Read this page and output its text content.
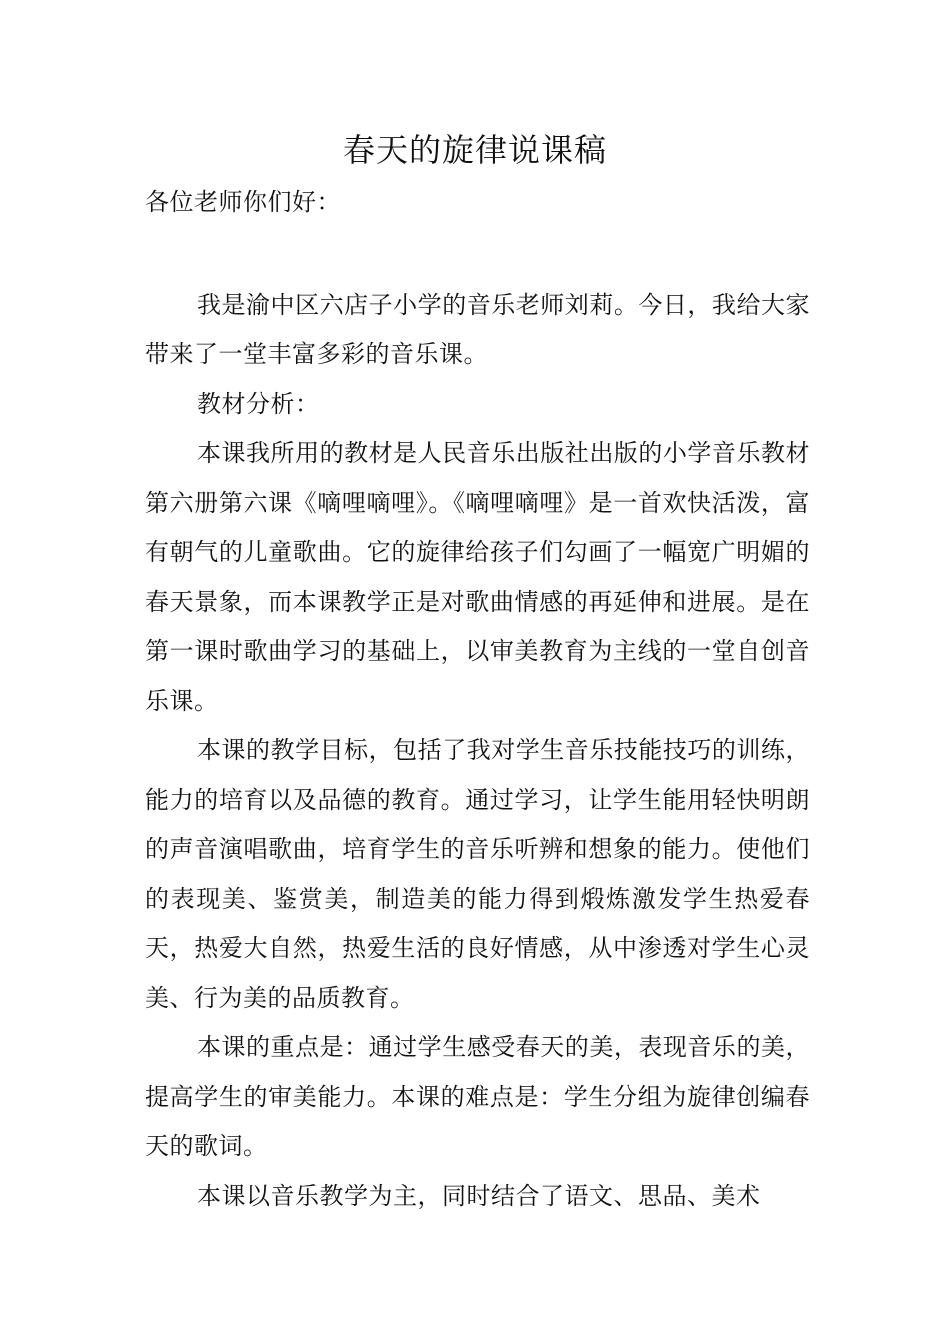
春天的旋律说课稿

各位老师你们好：

我是渝中区六店子小学的音乐老师刘莉。今日，我给大家带来了一堂丰富多彩的音乐课。

教材分析：

本课我所用的教材是人民音乐出版社出版的小学音乐教材第六册第六课《嘀哩嘀哩》。《嘀哩嘀哩》是一首欢快活泼，富有朝气的儿童歌曲。它的旋律给孩子们勾画了一幅宽广明媚的春天景象，而本课教学正是对歌曲情感的再延伸和进展。是在第一课时歌曲学习的基础上，以审美教育为主线的一堂自创音乐课。

本课的教学目标，包括了我对学生音乐技能技巧的训练，能力的培育以及品德的教育。通过学习，让学生能用轻快明朗的声音演唱歌曲，培育学生的音乐听辨和想象的能力。使他们的表现美、鉴赏美，制造美的能力得到煅炼激发学生热爱春天，热爱大自然，热爱生活的良好情感，从中渗透对学生心灵美、行为美的品质教育。

本课的重点是：通过学生感受春天的美，表现音乐的美，提高学生的审美能力。本课的难点是：学生分组为旋律创编春天的歌词。

本课以音乐教学为主，同时结合了语文、思品、美术
